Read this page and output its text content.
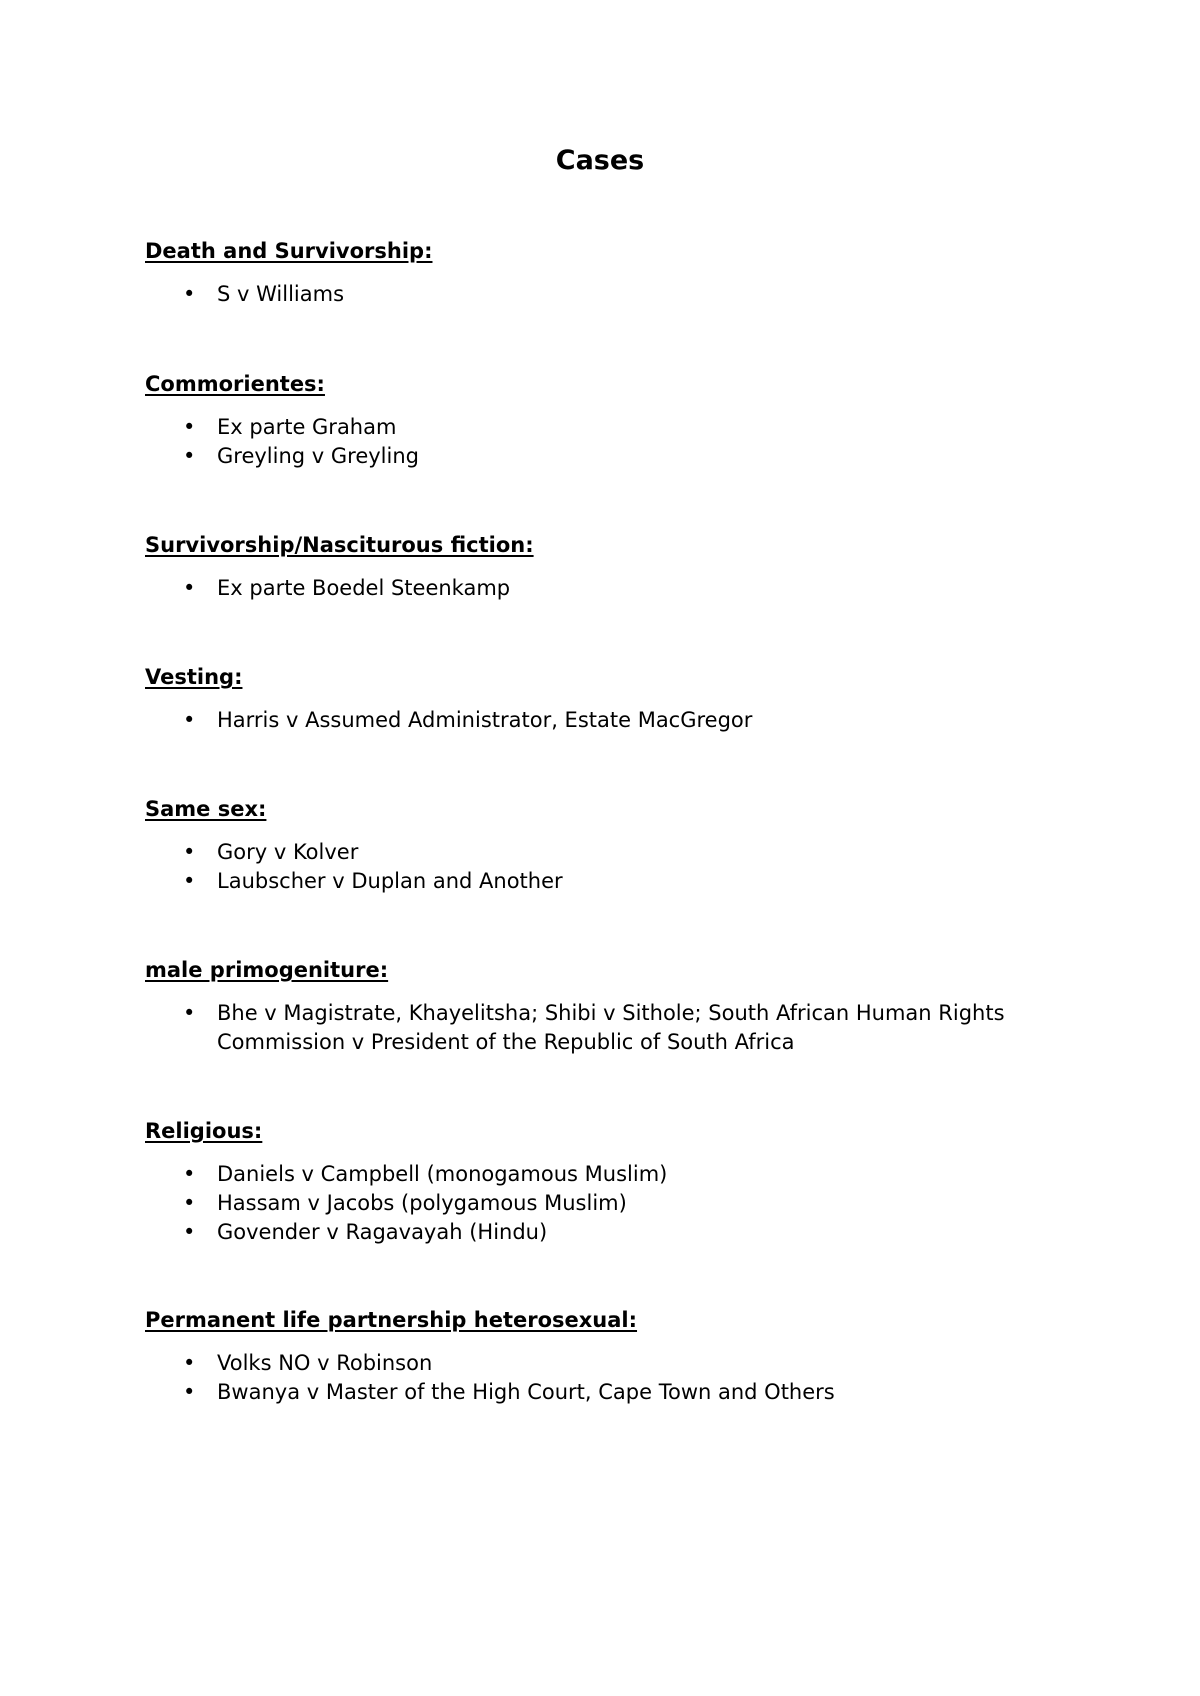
Cases
Death and Survivorship:
• S v Williams
Commorientes:
• Ex parte Graham
• Greyling v Greyling
Survivorship/Nasciturous fiction:
• Ex parte Boedel Steenkamp
Vesting:
• Harris v Assumed Administrator, Estate MacGregor
Same sex:
• Gory v Kolver
• Laubscher v Duplan and Another
male primogeniture:
• Bhe v Magistrate, Khayelitsha; Shibi v Sithole; South African Human Rights Commission v President of the Republic of South Africa
Religious:
• Daniels v Campbell (monogamous Muslim)
• Hassam v Jacobs (polygamous Muslim)
• Govender v Ragavayah (Hindu)
Permanent life partnership heterosexual:
• Volks NO v Robinson
• Bwanya v Master of the High Court, Cape Town and Others
